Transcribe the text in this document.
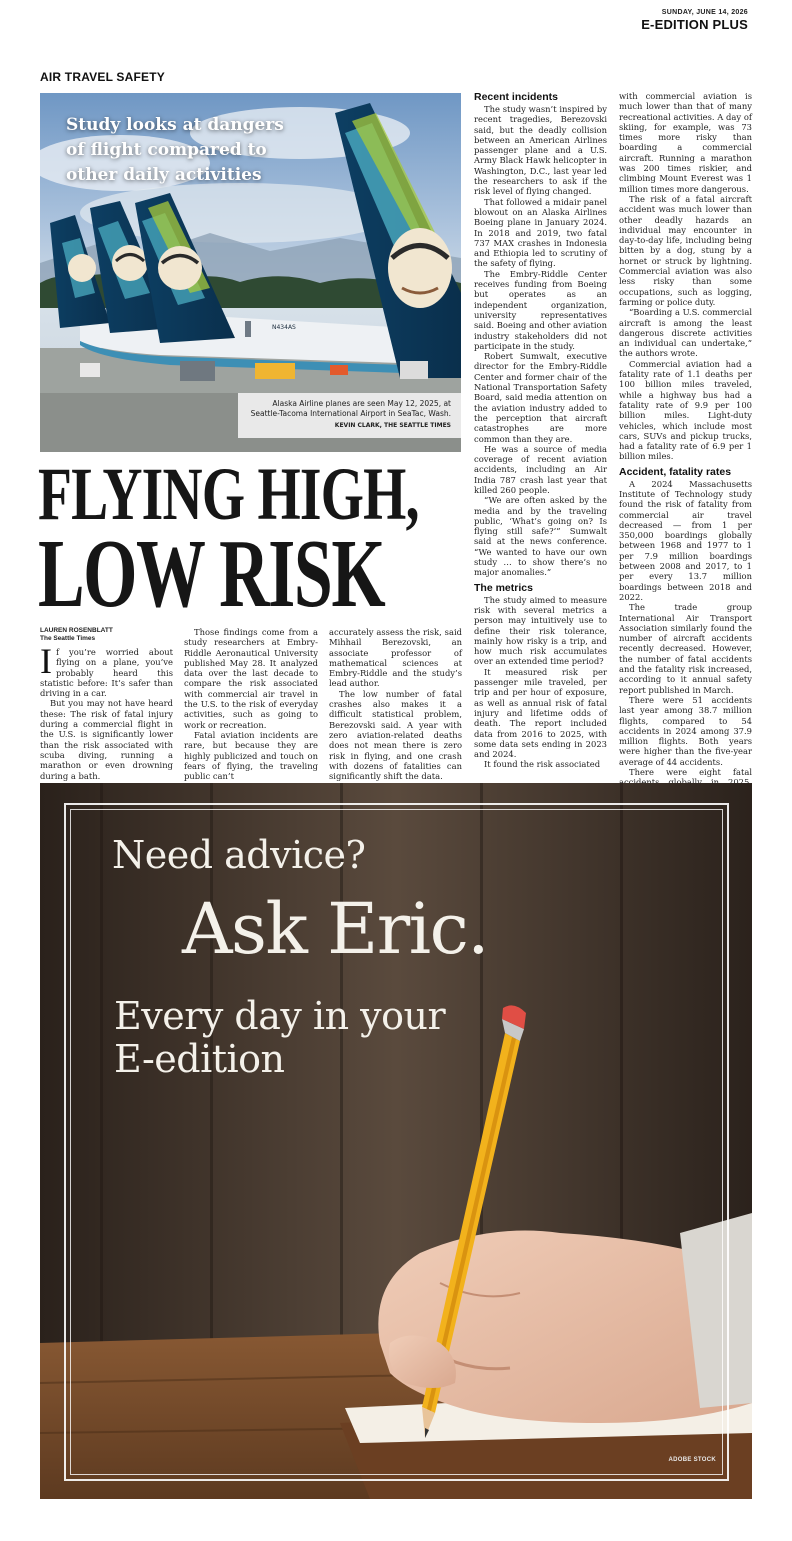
SUNDAY, JUNE 14, 2026
E-EDITION PLUS
AIR TRAVEL SAFETY
N434AS
Study looks at dangers of flight compared to other daily activities
Alaska Airline planes are seen May 12, 2025, at Seattle-Tacoma International Airport in SeaTac, Wash.
KEVIN CLARK, THE SEATTLE TIMES
FLYING HIGH,
LOW RISK
LAUREN ROSENBLATT
The Seattle Times

If you’re worried about flying on a plane, you’ve probably heard this statistic before: It’s safer than driving in a car.

But you may not have heard these: The risk of fatal injury during a commercial flight in the U.S. is significantly lower than the risk associated with scuba diving, running a marathon or even drowning during a bath.

Those findings come from a study researchers at Embry-Riddle Aeronautical University published May 28. It analyzed data over the last decade to compare the risk associated with commercial air travel in the U.S. to the risk of everyday activities, such as going to work or recreation.

Fatal aviation incidents are rare, but because they are highly publicized and touch on fears of flying, the traveling public can’t

accurately assess the risk, said Mihhail Berezovski, an associate professor of mathematical sciences at Embry-Riddle and the study’s lead author.

The low number of fatal crashes also makes it a difficult statistical problem, Berezovski said. A year with zero aviation-related deaths does not mean there is zero risk in flying, and one crash with dozens of fatalities can significantly shift the data.

Recent incidents

The study wasn’t inspired by recent tragedies, Berezovski said, but the deadly collision between an American Airlines passenger plane and a U.S. Army Black Hawk helicopter in Washington, D.C., last year led the researchers to ask if the risk level of flying changed.

That followed a midair panel blowout on an Alaska Airlines Boeing plane in January 2024. In 2018 and 2019, two fatal 737 MAX crashes in Indonesia and Ethiopia led to scrutiny of the safety of flying.

The Embry-Riddle Center receives funding from Boeing but operates as an independent organization, university representatives said. Boeing and other aviation industry stakeholders did not participate in the study.

Robert Sumwalt, executive director for the Embry-Riddle Center and former chair of the National Transportation Safety Board, said media attention on the aviation industry added to the perception that aircraft catastrophes are more common than they are.

He was a source of media coverage of recent aviation accidents, including an Air India 787 crash last year that killed 260 people.

“We are often asked by the media and by the traveling public, ‘What’s going on? Is flying still safe?’” Sumwalt said at the news conference. “We wanted to have our own study … to show there’s no major anomalies.”

The metrics

The study aimed to measure risk with several metrics a person may intuitively use to define their risk tolerance, mainly how risky is a trip, and how much risk accumulates over an extended time period?

It measured risk per passenger mile traveled, per trip and per hour of exposure, as well as annual risk of fatal injury and lifetime odds of death. The report included data from 2016 to 2025, with some data sets ending in 2023 and 2024.

It found the risk associated

with commercial aviation is much lower than that of many recreational activities. A day of skiing, for example, was 73 times more risky than boarding a commercial aircraft. Running a marathon was 200 times riskier, and climbing Mount Everest was 1 million times more dangerous.

The risk of a fatal aircraft accident was much lower than other deadly hazards an individual may encounter in day-to-day life, including being bitten by a dog, stung by a hornet or struck by lightning. Commercial aviation was also less risky than some occupations, such as logging, farming or police duty.

“Boarding a U.S. commercial aircraft is among the least dangerous discrete activities an individual can undertake,” the authors wrote.

Commercial aviation had a fatality rate of 1.1 deaths per 100 billion miles traveled, while a highway bus had a fatality rate of 9.9 per 100 billion miles. Light-duty vehicles, which include most cars, SUVs and pickup trucks, had a fatality rate of 6.9 per 1 billion miles.

Accident, fatality rates

A 2024 Massachusetts Institute of Technology study found the risk of fatality from commercial air travel decreased — from 1 per 350,000 boardings globally between 1968 and 1977 to 1 per 7.9 million boardings between 2008 and 2017, to 1 per every 13.7 million boardings between 2018 and 2022.

The trade group International Air Transport Association similarly found the number of aircraft accidents recently decreased. However, the number of fatal accidents and the fatality risk increased, according to it annual safety report published in March.

There were 51 accidents last year among 38.7 million flights, compared to 54 accidents in 2024 among 37.9 million flights. Both years were higher than the five-year average of 44 accidents.

There were eight fatal

Need advice?
Ask Eric.
Every day in your E-edition
ADOBE STOCK
